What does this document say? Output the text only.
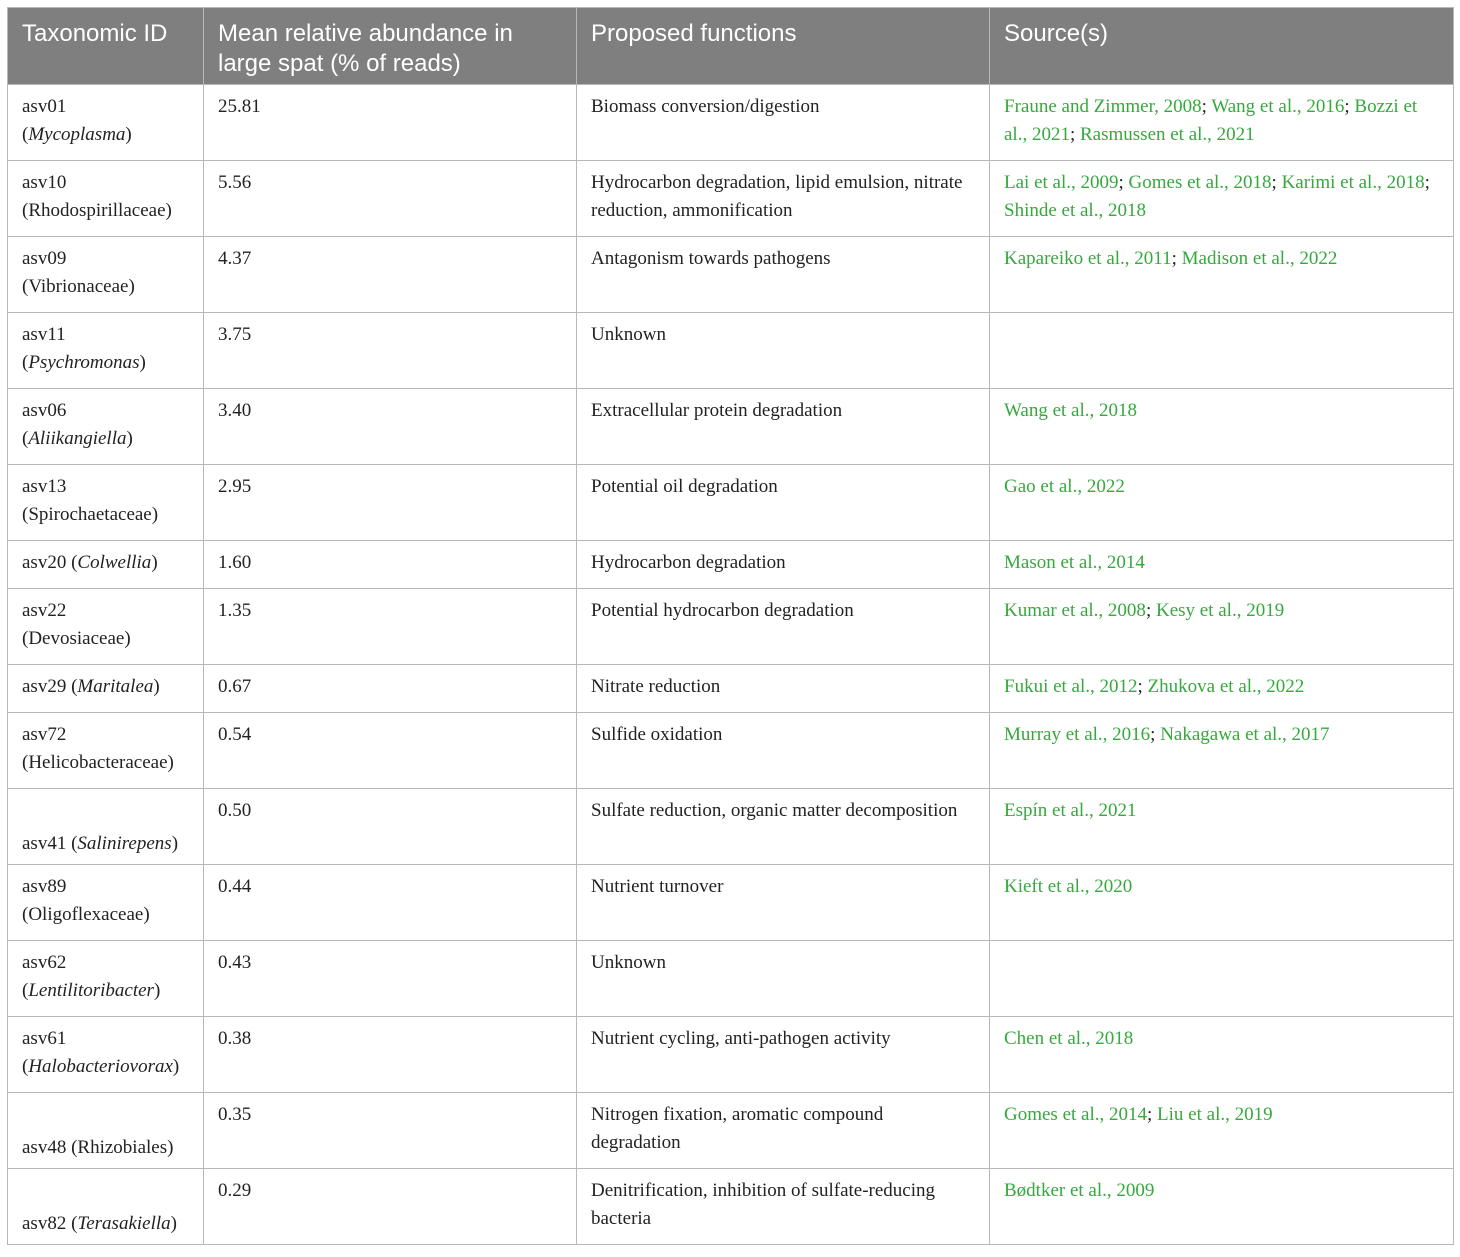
Taxonomic ID	Mean relative abundance in large spat (% of reads)	Proposed functions	Source(s)
asv01
(Mycoplasma)	25.81	Biomass conversion/digestion	Fraune and Zimmer, 2008; Wang et al., 2016; Bozzi et al., 2021; Rasmussen et al., 2021
asv10
(Rhodospirillaceae)	5.56	Hydrocarbon degradation, lipid emulsion, nitrate reduction, ammonification	Lai et al., 2009; Gomes et al., 2018; Karimi et al., 2018; Shinde et al., 2018
asv09
(Vibrionaceae)	4.37	Antagonism towards pathogens	Kapareiko et al., 2011; Madison et al., 2022
asv11
(Psychromonas)	3.75	Unknown	
asv06
(Aliikangiella)	3.40	Extracellular protein degradation	Wang et al., 2018
asv13
(Spirochaetaceae)	2.95	Potential oil degradation	Gao et al., 2022
asv20 (Colwellia)	1.60	Hydrocarbon degradation	Mason et al., 2014
asv22
(Devosiaceae)	1.35	Potential hydrocarbon degradation	Kumar et al., 2008; Kesy et al., 2019
asv29 (Maritalea)	0.67	Nitrate reduction	Fukui et al., 2012; Zhukova et al., 2022
asv72
(Helicobacteraceae)	0.54	Sulfide oxidation	Murray et al., 2016; Nakagawa et al., 2017
asv41 (Salinirepens)	0.50	Sulfate reduction, organic matter decomposition	Espín et al., 2021
asv89
(Oligoflexaceae)	0.44	Nutrient turnover	Kieft et al., 2020
asv62
(Lentilitoribacter)	0.43	Unknown	
asv61
(Halobacteriovorax)	0.38	Nutrient cycling, anti-pathogen activity	Chen et al., 2018
asv48 (Rhizobiales)	0.35	Nitrogen fixation, aromatic compound degradation	Gomes et al., 2014; Liu et al., 2019
asv82 (Terasakiella)	0.29	Denitrification, inhibition of sulfate-reducing bacteria	Bødtker et al., 2009
